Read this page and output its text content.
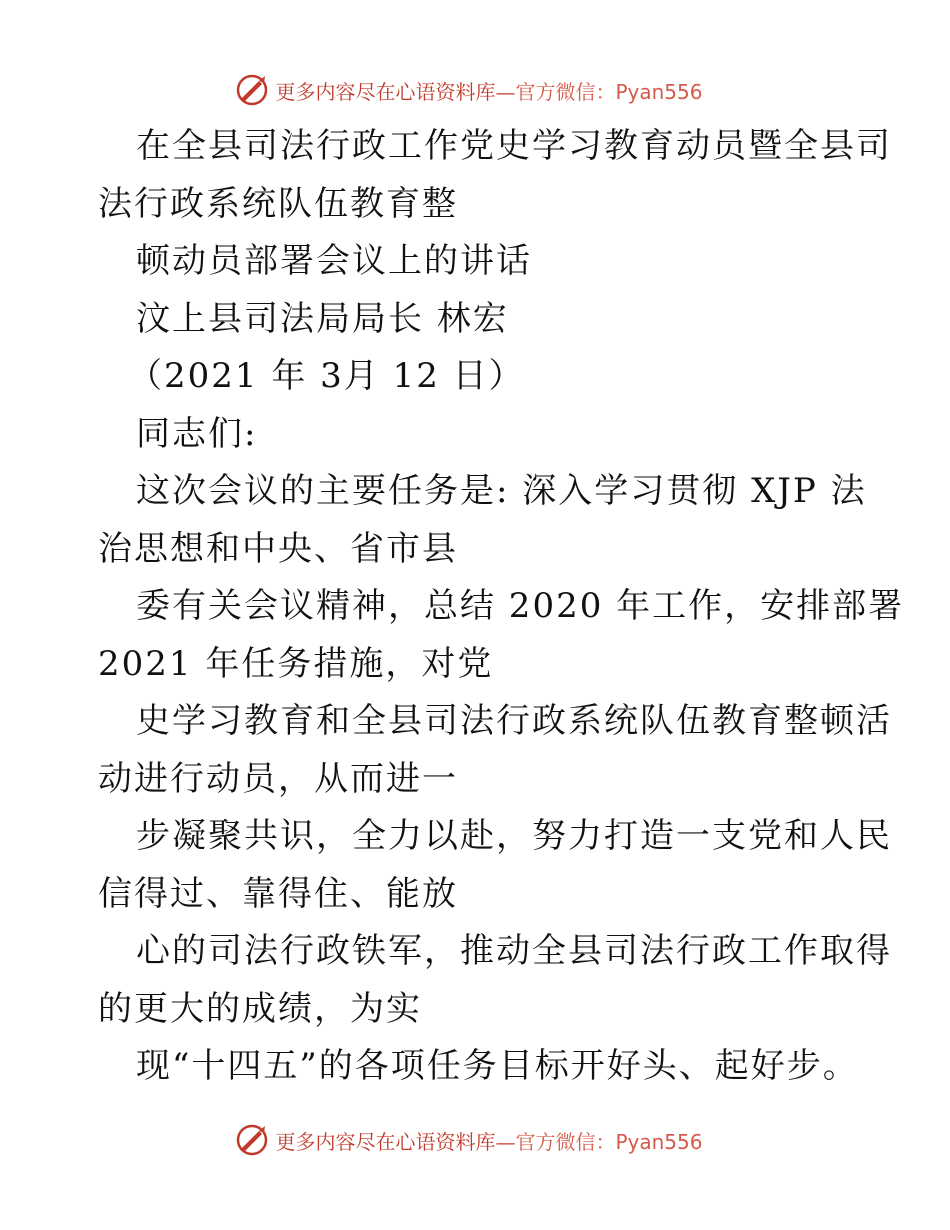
更多内容尽在心语资料库— 官方微信：Pyan556
在全县司法行政工作党史学习教育动员暨全县司
法行政系统队伍教育整
顿动员部署会议上的讲话
汶上县司法局局长 林宏
（2021 年 3月 12 日）
同志们:
这次会议的主要任务是: 深入学习贯彻 XJP 法
治思想和中央、省市县
委有关会议精神，总结 2020 年工作，安排部署
2021 年任务措施，对党
史学习教育和全县司法行政系统队伍教育整顿活
动进行动员，从而进一
步凝聚共识，全力以赴，努力打造一支党和人民
信得过、靠得住、能放
心的司法行政铁军，推动全县司法行政工作取得
的更大的成绩，为实
现“十四五”的各项任务目标开好头、起好步。
更多内容尽在心语资料库— 官方微信：Pyan556
